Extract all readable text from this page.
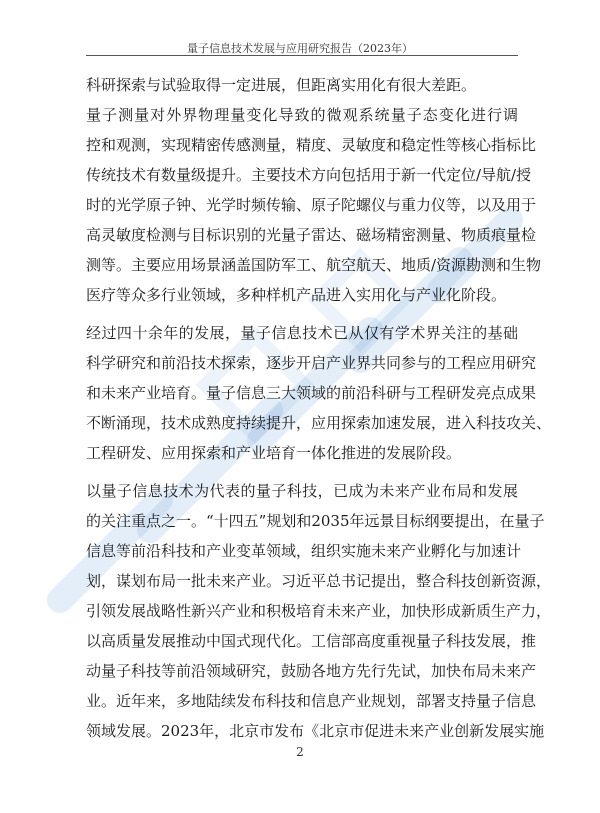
量子信息技术发展与应用研究报告（2023年）
科研探索与试验取得一定进展，但距离实用化有很大差距。
量子测量对外界物理量变化导致的微观系统量子态变化进行调
控和观测，实现精密传感测量，精度、灵敏度和稳定性等核心指标比
传统技术有数量级提升。主要技术方向包括用于新一代定位/导航/授
时的光学原子钟、光学时频传输、原子陀螺仪与重力仪等，以及用于
高灵敏度检测与目标识别的光量子雷达、磁场精密测量、物质痕量检
测等。主要应用场景涵盖国防军工、航空航天、地质/资源勘测和生物
医疗等众多行业领域，多种样机产品进入实用化与产业化阶段。
经过四十余年的发展，量子信息技术已从仅有学术界关注的基础
科学研究和前沿技术探索，逐步开启产业界共同参与的工程应用研究
和未来产业培育。量子信息三大领域的前沿科研与工程研发亮点成果
不断涌现，技术成熟度持续提升，应用探索加速发展，进入科技攻关、
工程研发、应用探索和产业培育一体化推进的发展阶段。
以量子信息技术为代表的量子科技，已成为未来产业布局和发展
的关注重点之一。“十四五”规划和2035年远景目标纲要提出，在量子
信息等前沿科技和产业变革领域，组织实施未来产业孵化与加速计
划，谋划布局一批未来产业。习近平总书记提出，整合科技创新资源，
引领发展战略性新兴产业和积极培育未来产业，加快形成新质生产力，
以高质量发展推动中国式现代化。工信部高度重视量子科技发展，推
动量子科技等前沿领域研究，鼓励各地方先行先试，加快布局未来产
业。近年来，多地陆续发布科技和信息产业规划，部署支持量子信息
领域发展。2023年，北京市发布《北京市促进未来产业创新发展实施
2
